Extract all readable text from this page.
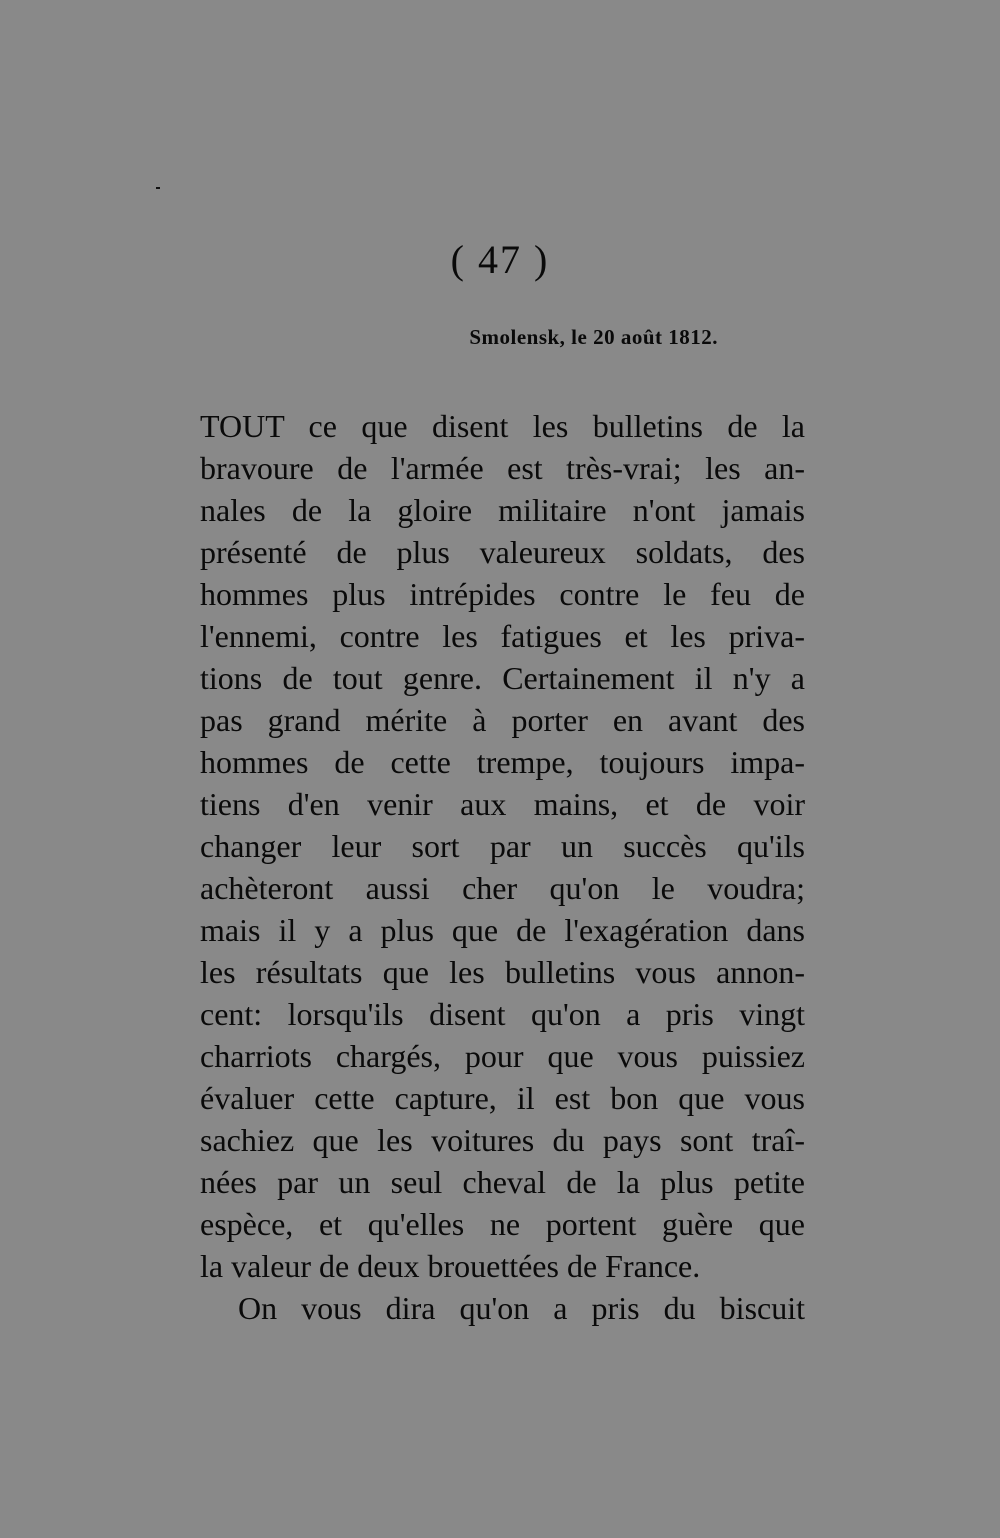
( 47 )
Smolensk, le 20 août 1812.
TOUT ce que disent les bulletins de la
bravoure de l'armée est très-vrai; les an-
nales de la gloire militaire n'ont jamais
présenté de plus valeureux soldats, des
hommes plus intrépides contre le feu de
l'ennemi, contre les fatigues et les priva-
tions de tout genre. Certainement il n'y a
pas grand mérite à porter en avant des
hommes de cette trempe, toujours impa-
tiens d'en venir aux mains, et de voir
changer leur sort par un succès qu'ils
achèteront aussi cher qu'on le voudra;
mais il y a plus que de l'exagération dans
les résultats que les bulletins vous annon-
cent: lorsqu'ils disent qu'on a pris vingt
charriots chargés, pour que vous puissiez
évaluer cette capture, il est bon que vous
sachiez que les voitures du pays sont traî-
nées par un seul cheval de la plus petite
espèce, et qu'elles ne portent guère que
la valeur de deux brouettées de France.
On vous dira qu'on a pris du biscuit
